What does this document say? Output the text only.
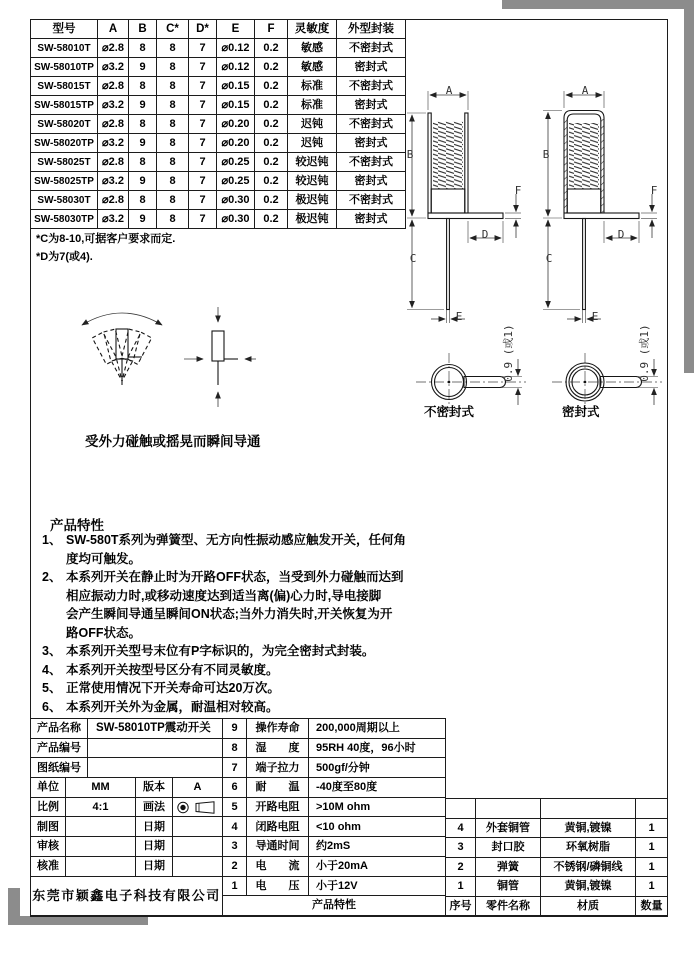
型号	A	B	C*	D*	E	F	灵敏度	外型封装
SW-58010T	⌀2.8	8	8	7	⌀0.12	0.2	敏感	不密封式
SW-58010TP	⌀3.2	9	8	7	⌀0.12	0.2	敏感	密封式
SW-58015T	⌀2.8	8	8	7	⌀0.15	0.2	标准	不密封式
SW-58015TP	⌀3.2	9	8	7	⌀0.15	0.2	标准	密封式
SW-58020T	⌀2.8	8	8	7	⌀0.20	0.2	迟钝	不密封式
SW-58020TP	⌀3.2	9	8	7	⌀0.20	0.2	迟钝	密封式
SW-58025T	⌀2.8	8	8	7	⌀0.25	0.2	较迟钝	不密封式
SW-58025TP	⌀3.2	9	8	7	⌀0.25	0.2	较迟钝	密封式
SW-58030T	⌀2.8	8	8	7	⌀0.30	0.2	极迟钝	不密封式
SW-58030TP	⌀3.2	9	8	7	⌀0.30	0.2	极迟钝	密封式
*C为8-10,可据客户要求而定.
*D为7(或4).
A
B
C
D
F
E
A
B
C
D
F
E
0.9 (或1)	0.9 (或1)
不密封式	密封式
受外力碰触或摇晃而瞬间导通
产品特性
1、 SW-580T系列为弹簧型、无方向性振动感应触发开关，任何角
度均可触发。
2、 本系列开关在静止时为开路OFF状态，当受到外力碰触而达到
相应振动力时,或移动速度达到适当离(偏)心力时,导电接脚
会产生瞬间导通呈瞬间ON状态;当外力消失时,开关恢复为开
路OFF状态。
3、 本系列开关型号末位有P字标识的，为完全密封式封装。
4、 本系列开关按型号区分有不同灵敏度。
5、 正常使用情况下开关寿命可达20万次。
6、 本系列开关外为金属，耐温相对较高。
产品名称		SW-58010TP震动开关		
产品编号				
图纸编号				
单位	MM		版本	A
比例	4:1		画法	
制图			日期	
审核			日期	
核准			日期	
东莞市颖鑫电子科技有限公司				

9	操作寿命	200,000周期以上
8	湿　　度	95RH 40度，96小时
7	端子拉力	500gf/分钟
6	耐　　温	-40度至80度
5	开路电阻	>10M ohm
4	闭路电阻	<10 ohm
3	导通时间	约2mS
2	电　　流	小于20mA
1	电　　压	小于12V
产品特性		

4	外套铜管	黄铜,镀镍	1
3	封口胶	环氧树脂	1
2	弹簧	不锈钢/磷铜线	1
1	铜管	黄铜,镀镍	1
序号	零件名称	材质	数量
